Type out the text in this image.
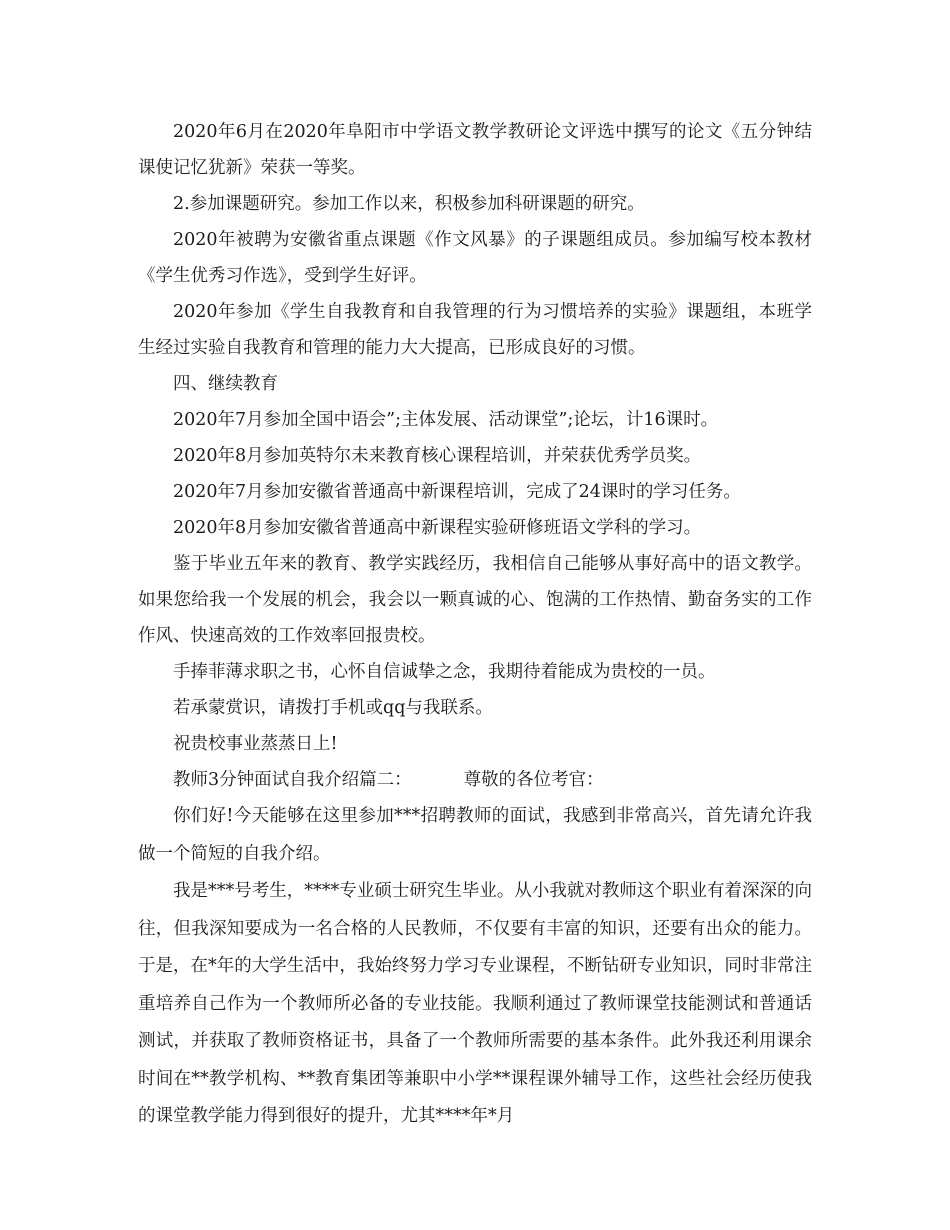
2020年6月在2020年阜阳市中学语文教学教研论文评选中撰写的论文《五分钟结课使记忆犹新》荣获一等奖。

2.参加课题研究。参加工作以来，积极参加科研课题的研究。

2020年被聘为安徽省重点课题《作文风暴》的子课题组成员。参加编写校本教材《学生优秀习作选》，受到学生好评。

2020年参加《学生自我教育和自我管理的行为习惯培养的实验》课题组，本班学生经过实验自我教育和管理的能力大大提高，已形成良好的习惯。

四、继续教育

2020年7月参加全国中语会”;主体发展、活动课堂”;论坛，计16课时。

2020年8月参加英特尔未来教育核心课程培训，并荣获优秀学员奖。

2020年7月参加安徽省普通高中新课程培训，完成了24课时的学习任务。

2020年8月参加安徽省普通高中新课程实验研修班语文学科的学习。

鉴于毕业五年来的教育、教学实践经历，我相信自己能够从事好高中的语文教学。如果您给我一个发展的机会，我会以一颗真诚的心、饱满的工作热情、勤奋务实的工作作风、快速高效的工作效率回报贵校。

手捧菲薄求职之书，心怀自信诚挚之念，我期待着能成为贵校的一员。

若承蒙赏识，请拨打手机或qq与我联系。

祝贵校事业蒸蒸日上!

教师3分钟面试自我介绍篇二：	尊敬的各位考官：

你们好!今天能够在这里参加***招聘教师的面试，我感到非常高兴，首先请允许我做一个简短的自我介绍。

我是***号考生，****专业硕士研究生毕业。从小我就对教师这个职业有着深深的向往，但我深知要成为一名合格的人民教师，不仅要有丰富的知识，还要有出众的能力。于是，在*年的大学生活中，我始终努力学习专业课程，不断钻研专业知识，同时非常注重培养自己作为一个教师所必备的专业技能。我顺利通过了教师课堂技能测试和普通话测试，并获取了教师资格证书，具备了一个教师所需要的基本条件。此外我还利用课余时间在**教学机构、**教育集团等兼职中小学**课程课外辅导工作，这些社会经历使我的课堂教学能力得到很好的提升，尤其****年*月
